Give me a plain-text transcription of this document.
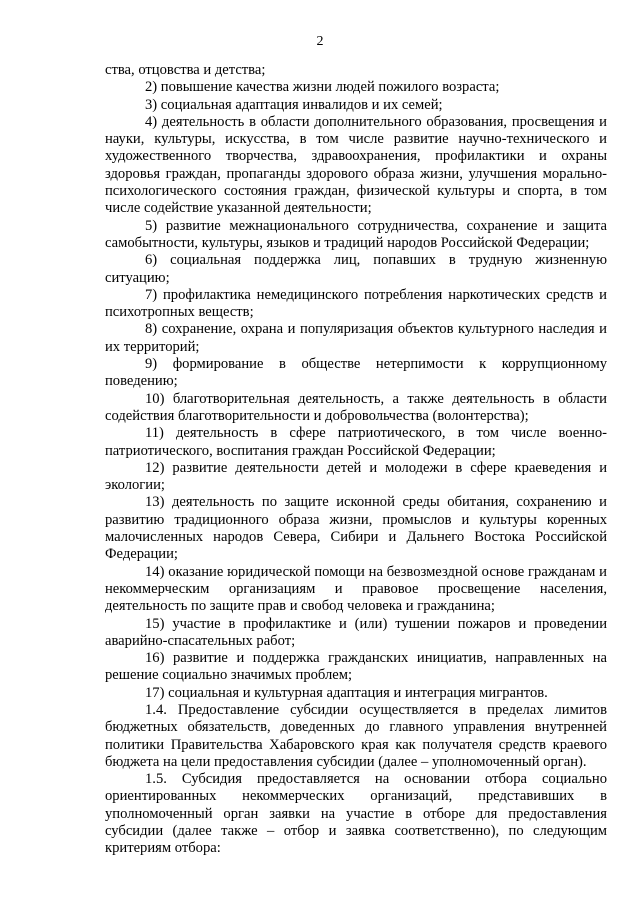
2

ства, отцовства и детства;

2) повышение качества жизни людей пожилого возраста;

3) социальная адаптация инвалидов и их семей;

4) деятельность в области дополнительного образования, просвещения и науки, культуры, искусства, в том числе развитие научно-технического и художественного творчества, здравоохранения, профилактики и охраны здоровья граждан, пропаганды здорового образа жизни, улучшения морально-психологического состояния граждан, физической культуры и спорта, в том числе содействие указанной деятельности;

5) развитие межнационального сотрудничества, сохранение и защита самобытности, культуры, языков и традиций народов Российской Федерации;

6) социальная поддержка лиц, попавших в трудную жизненную ситуацию;

7) профилактика немедицинского потребления наркотических средств и психотропных веществ;

8) сохранение, охрана и популяризация объектов культурного наследия и их территорий;

9) формирование в обществе нетерпимости к коррупционному поведению;

10) благотворительная деятельность, а также деятельность в области содействия благотворительности и добровольчества (волонтерства);

11) деятельность в сфере патриотического, в том числе военно-патриотического, воспитания граждан Российской Федерации;

12) развитие деятельности детей и молодежи в сфере краеведения и экологии;

13) деятельность по защите исконной среды обитания, сохранению и развитию традиционного образа жизни, промыслов и культуры коренных малочисленных народов Севера, Сибири и Дальнего Востока Российской Федерации;

14) оказание юридической помощи на безвозмездной основе гражданам и некоммерческим организациям и правовое просвещение населения, деятельность по защите прав и свобод человека и гражданина;

15) участие в профилактике и (или) тушении пожаров и проведении аварийно-спасательных работ;

16) развитие и поддержка гражданских инициатив, направленных на решение социально значимых проблем;

17) социальная и культурная адаптация и интеграция мигрантов.

1.4. Предоставление субсидии осуществляется в пределах лимитов бюджетных обязательств, доведенных до главного управления внутренней политики Правительства Хабаровского края как получателя средств краевого бюджета на цели предоставления субсидии (далее – уполномоченный орган).

1.5. Субсидия предоставляется на основании отбора социально ориентированных некоммерческих организаций, представивших в уполномоченный орган заявки на участие в отборе для предоставления субсидии (далее также – отбор и заявка соответственно), по следующим критериям отбора:
